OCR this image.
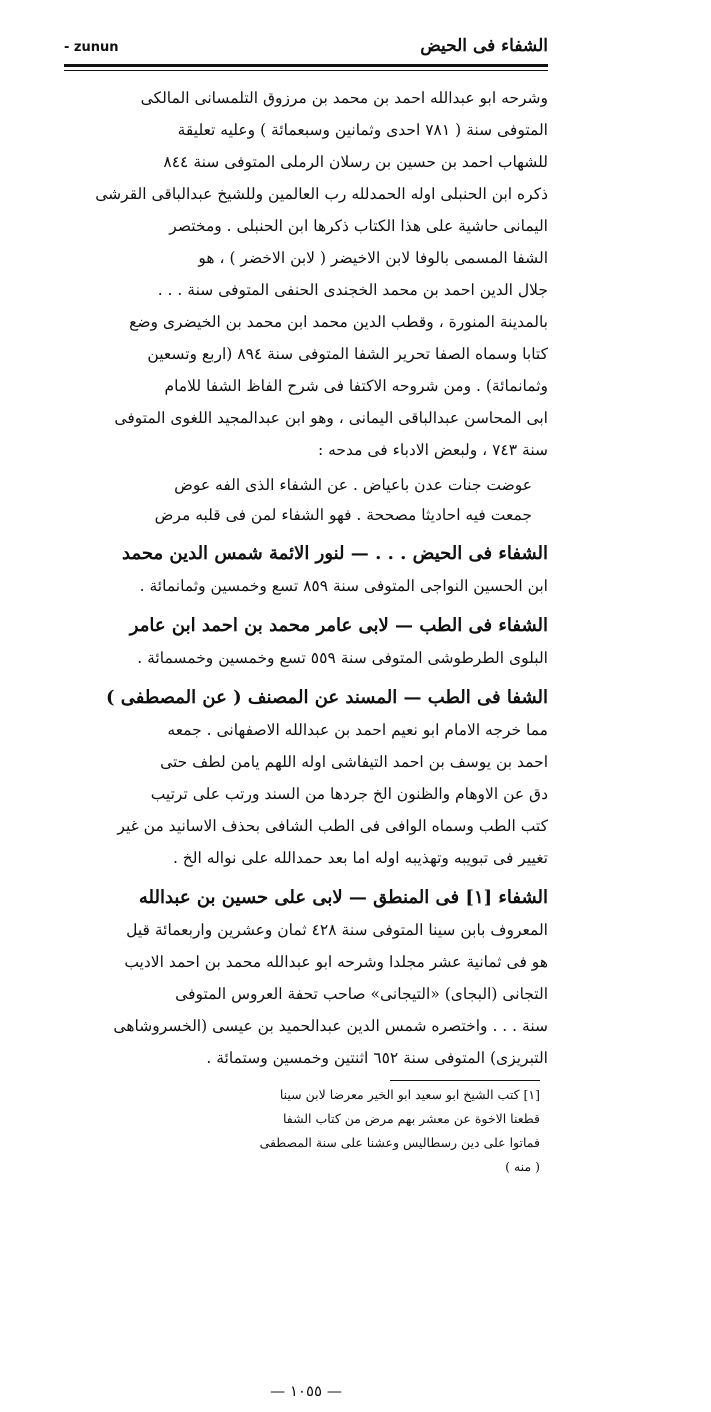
- zunun	الشفاء فى الحيض
وشرحه ابو عبدالله احمد بن محمد بن مرزوق التلمسانى المالكى
المتوفى سنة ( ٧٨١ احدى وثمانين وسبعمائة ) وعليه تعليقة
للشهاب احمد بن حسين بن رسلان الرملى المتوفى سنة ٨٤٤
ذكره ابن الحنبلى اوله الحمدلله رب العالمين وللشيخ عبدالباقى القرشى
اليمانى حاشية على هذا الكتاب ذكرها ابن الحنبلى . ومختصر
الشفا المسمى بالوفا لابن الاخيضر ( لابن الاخضر ) ، هو
جلال الدين احمد بن محمد الخجندى الحنفى المتوفى سنة . . .
بالمدينة المنورة ، وقطب الدين محمد ابن محمد بن الخيضرى وضع
كتابا وسماه الصفا تحرير الشفا المتوفى سنة ٨٩٤ (اربع وتسعين
وثمانمائة) . ومن شروحه الاكتفا فى شرح الفاظ الشفا للامام
ابى المحاسن عبدالباقى اليمانى ، وهو ابن عبدالمجيد اللغوى المتوفى
سنة ٧٤٣ ، ولبعض الادباء فى مدحه :
عوضت جنات عدن باعياض . عن الشفاء الذى الفه عوض
جمعت فيه احاديثا مصححة . فهو الشفاء لمن فى قلبه مرض
الشفاء فى الحيض . . . — لنور الائمة شمس الدين محمد
ابن الحسين النواجى المتوفى سنة ٨٥٩ تسع وخمسين وثمانمائة .
الشفاء فى الطب — لابى عامر محمد بن احمد ابن عامر
البلوى الطرطوشى المتوفى سنة ٥٥٩ تسع وخمسين وخمسمائة .
الشفا فى الطب — المسند عن المصنف ( عن المصطفى )
مما خرجه الامام ابو نعيم احمد بن عبدالله الاصفهانى . جمعه
احمد بن يوسف بن احمد التيفاشى اوله اللهم يامن لطف حتى
دق عن الاوهام والظنون الخ جردها من السند ورتب على ترتيب
كتب الطب وسماه الوافى فى الطب الشافى بحذف الاسانيد من غير
تغيير فى تبويبه وتهذيبه اوله اما بعد حمدالله على نواله الخ .
الشفاء [١] فى المنطق — لابى على حسين بن عبدالله
المعروف بابن سينا المتوفى سنة ٤٢٨ ثمان وعشرين واربعمائة قيل
هو فى ثمانية عشر مجلدا وشرحه ابو عبدالله محمد بن احمد الاديب
التجانى (البجاى) «التيجانى» صاحب تحفة العروس المتوفى
سنة . . . واختصره شمس الدين عبدالحميد بن عيسى (الخسروشاهى
التبريزى) المتوفى سنة ٦٥٢ اثنتين وخمسين وستمائة .
[١] كتب الشيخ ابو سعيد ابو الخير معرضا لابن سينا
قطعنا الاخوة عن معشر بهم مرض من كتاب الشفا
فماتوا على دين رسطاليس وعشنا على سنة المصطفى
( منه )
— ١٠٥٥ —
